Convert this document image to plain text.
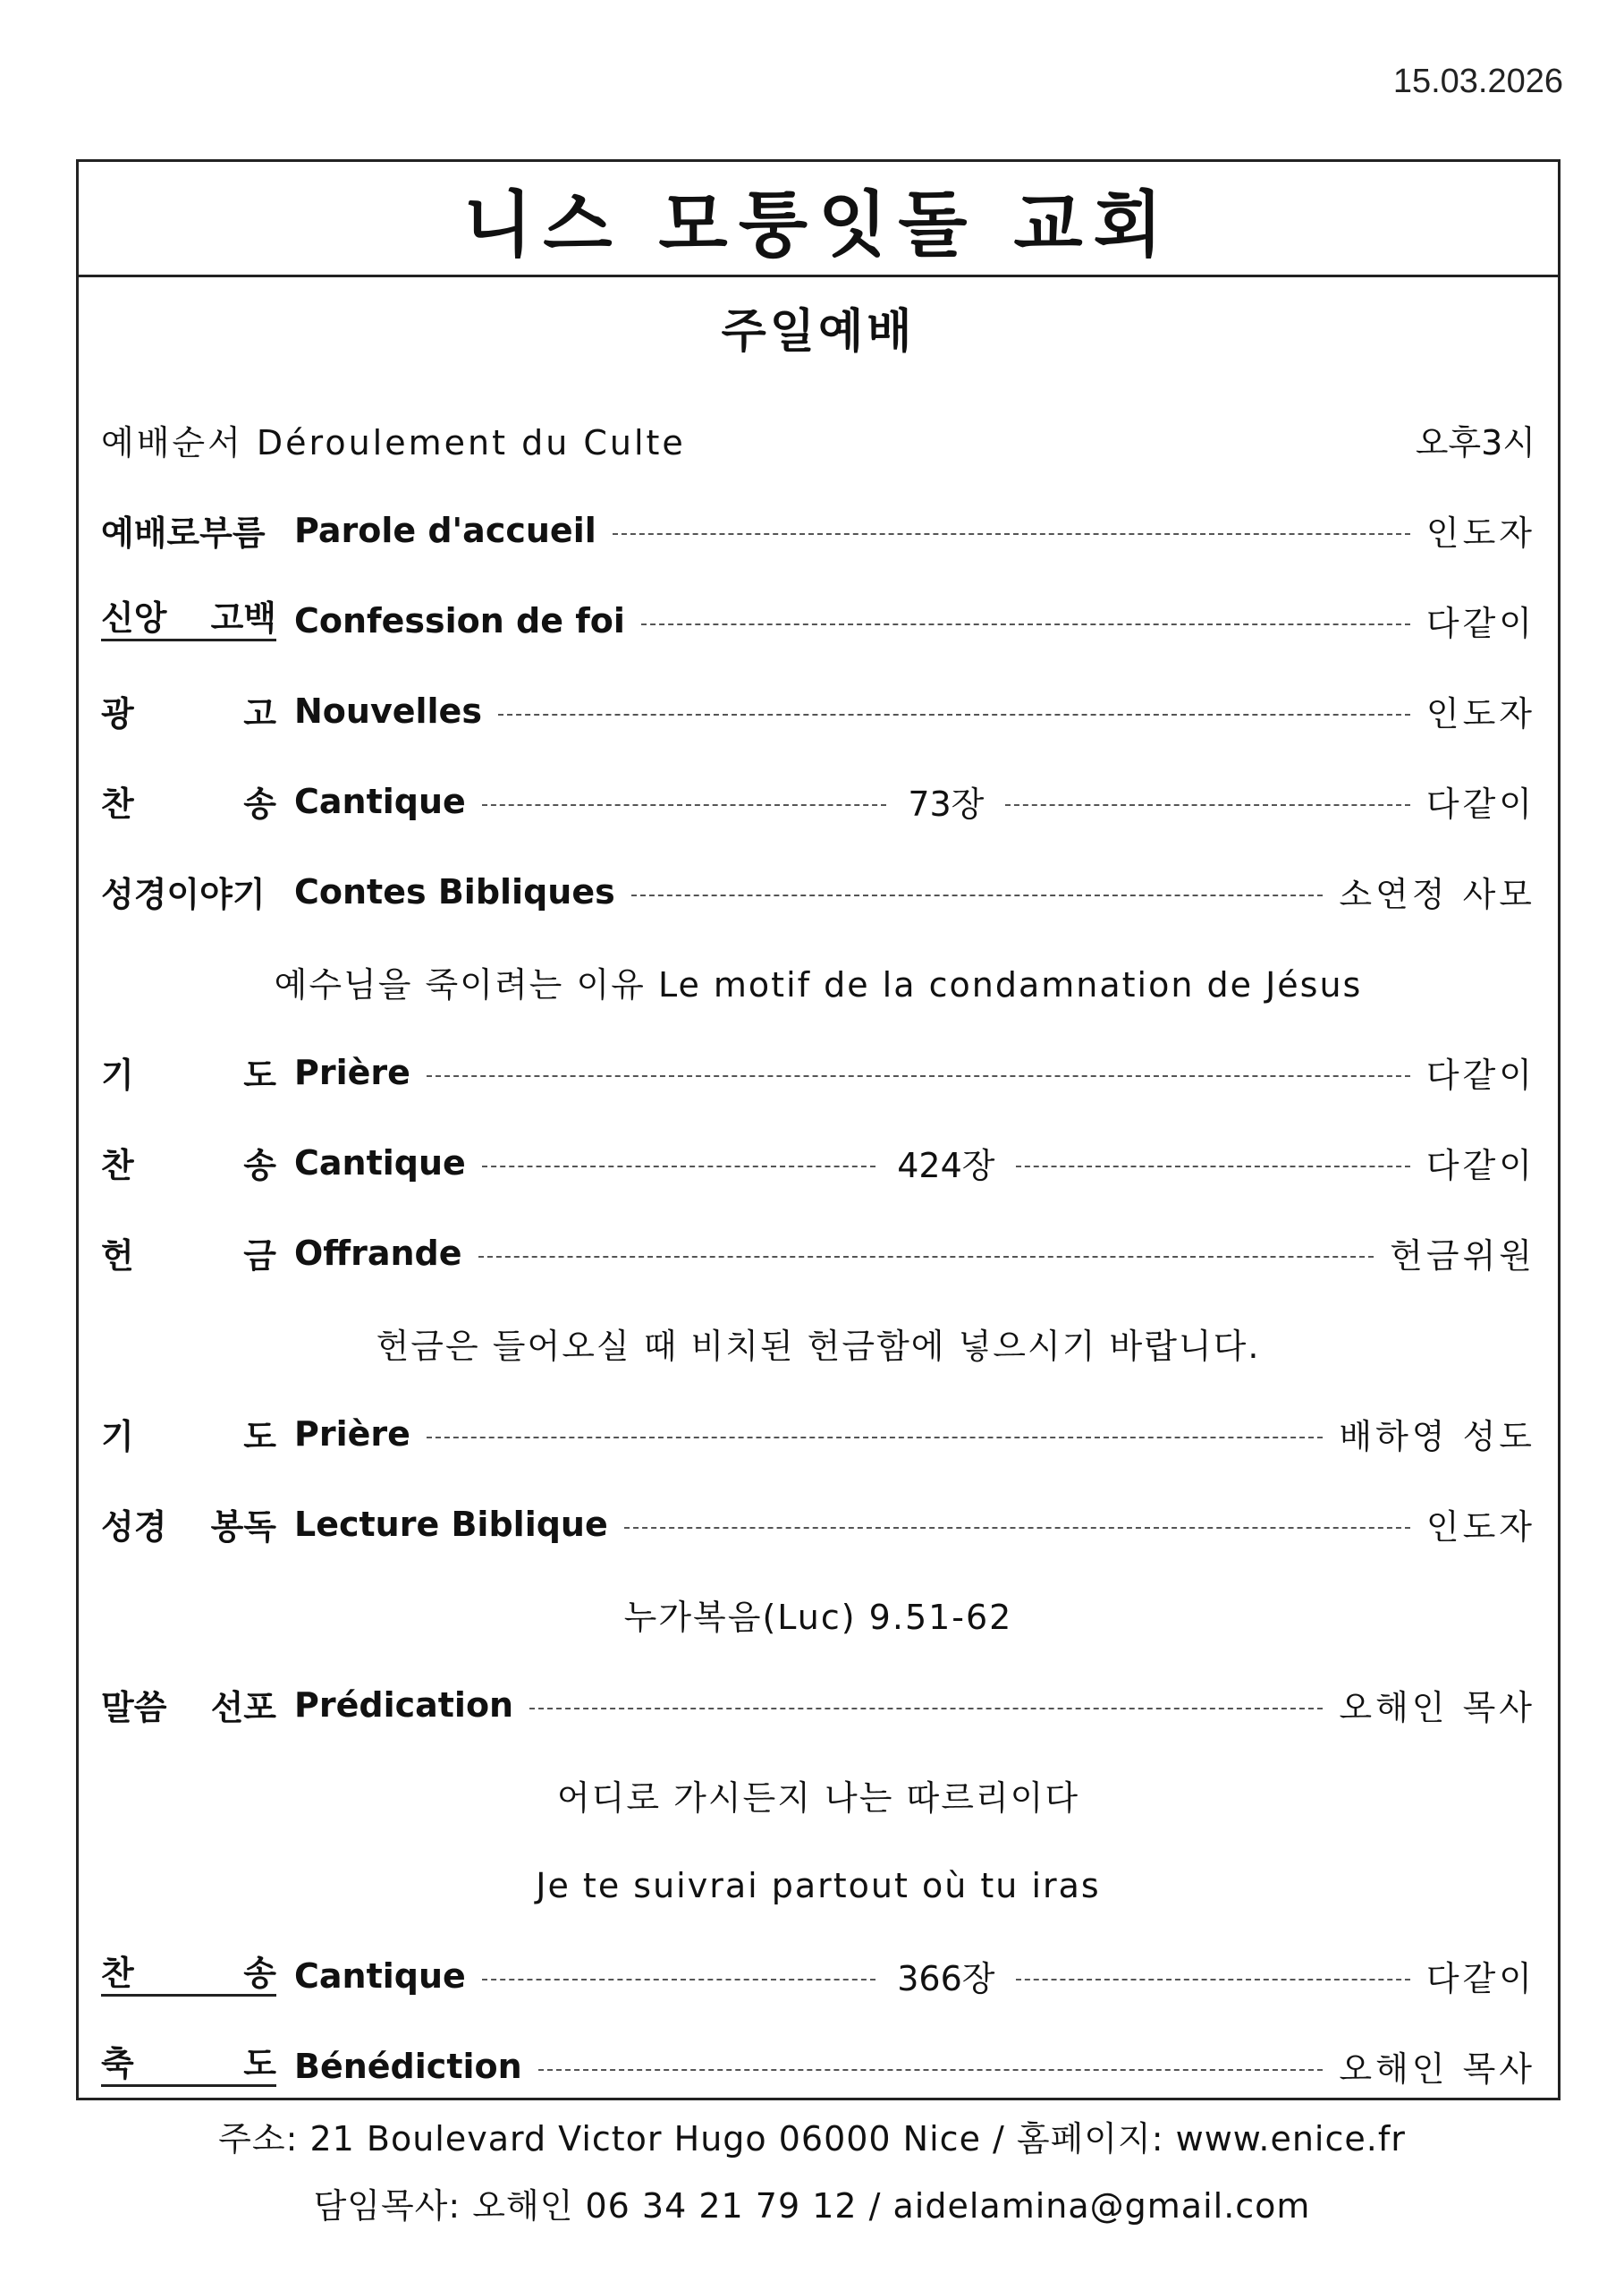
15.03.2026
니스 모퉁잇돌 교회
주일예배
예배순서 Déroulement du Culte	오후3시
예배로부름 Parole d'accueil	인도자
신앙 고백 Confession de foi	다같이
광	고 Nouvelles	인도자
찬	송 Cantique	73장	다같이
성경이야기 Contes Bibliques	소연정 사모
예수님을 죽이려는 이유 Le motif de la condamnation de Jésus
기	도 Prière	다같이
찬	송 Cantique	424장	다같이
헌	금 Offrande	헌금위원
헌금은 들어오실 때 비치된 헌금함에 넣으시기 바랍니다.
기	도 Prière	배하영 성도
성경 봉독 Lecture Biblique	인도자
누가복음(Luc) 9.51-62
말씀 선포 Prédication	오해인 목사
어디로 가시든지 나는 따르리이다
Je te suivrai partout où tu iras
찬	송 Cantique	366장	다같이
축	도 Bénédiction	오해인 목사
주소: 21 Boulevard Victor Hugo 06000 Nice / 홈페이지: www.enice.fr
담임목사: 오해인 06 34 21 79 12 / aidelamina@gmail.com
